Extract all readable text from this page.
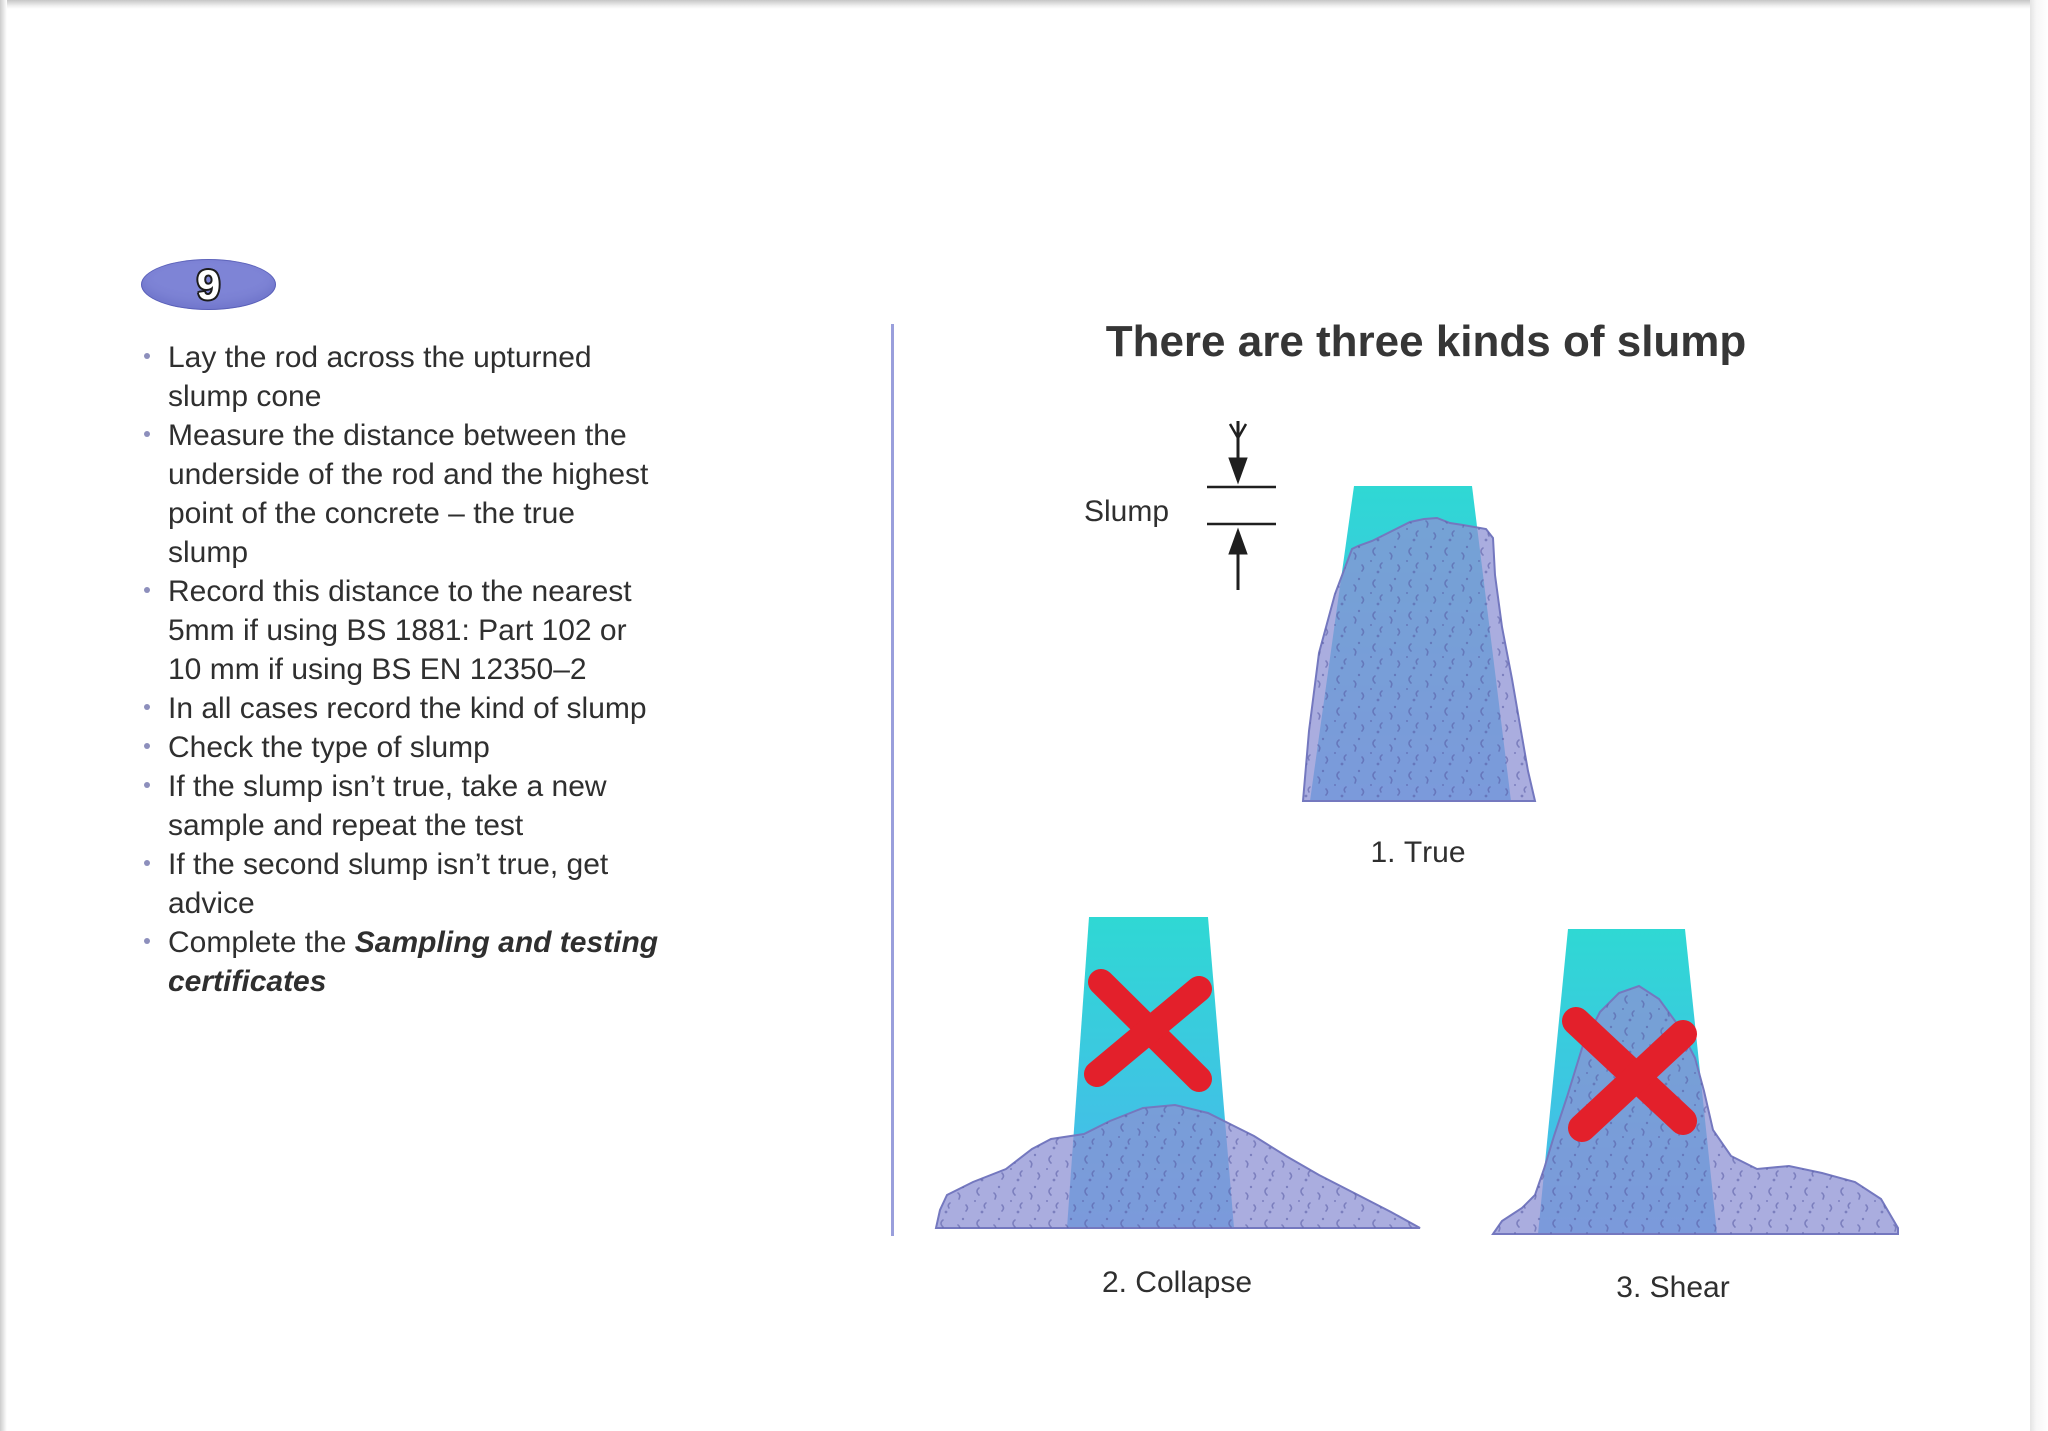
9
Lay the rod across the upturned slump cone
Measure the distance between the underside of the rod and the highest point of the concrete – the true slump
Record this distance to the nearest 5mm if using BS 1881: Part 102 or 10 mm if using BS EN 12350–2
In all cases record the kind of slump
Check the type of slump
If the slump isn’t true, take a new sample and repeat the test
If the second slump isn’t true, get advice
Complete the Sampling and testing certificates
There are three kinds of slump
Slump
1. True
2. Collapse	3. Shear
